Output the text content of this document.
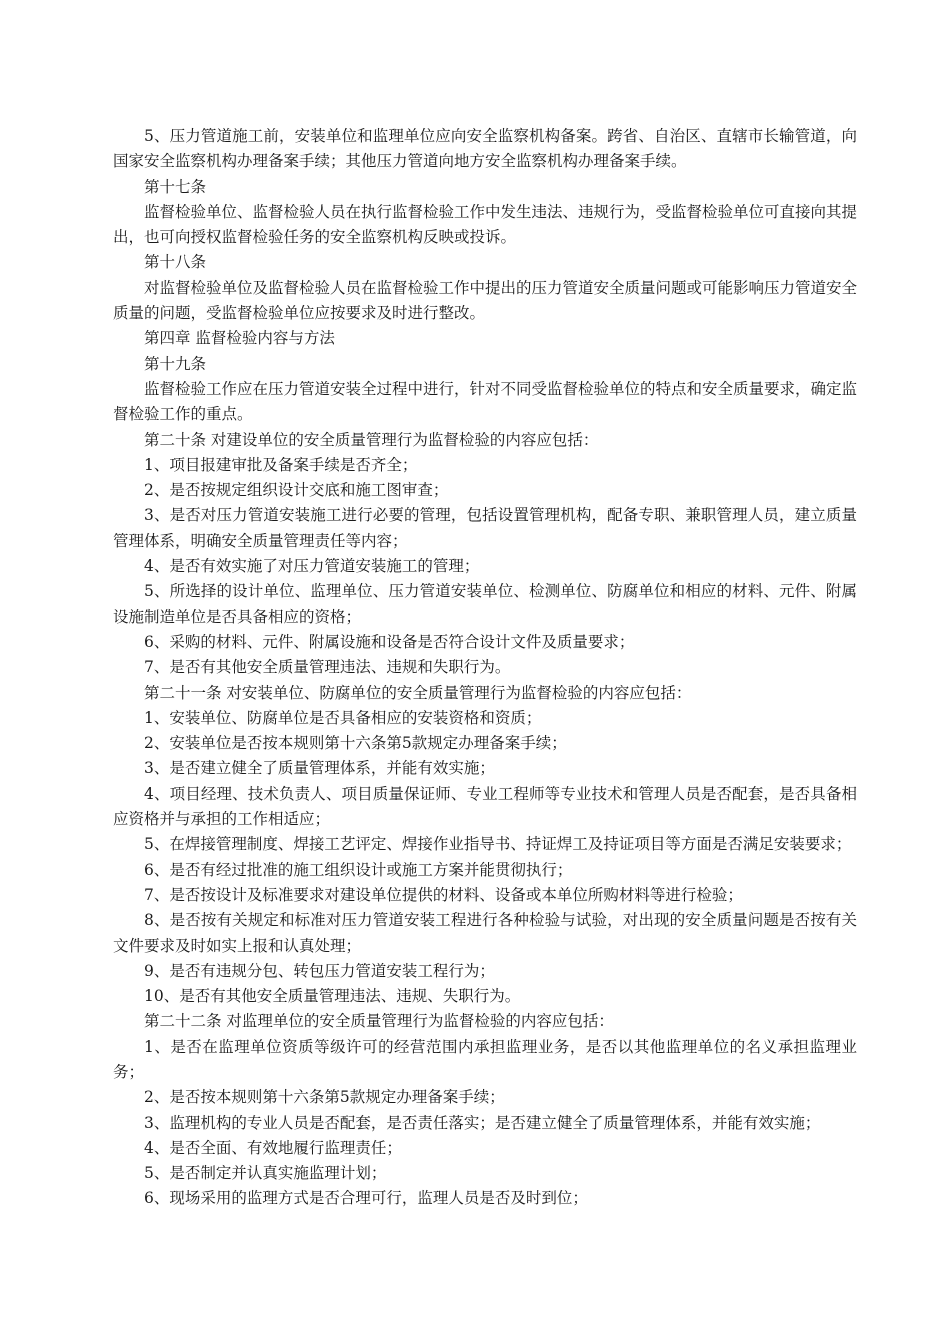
5、压力管道施工前，安装单位和监理单位应向安全监察机构备案。跨省、自治区、直辖市长输管道，向国家安全监察机构办理备案手续；其他压力管道向地方安全监察机构办理备案手续。

第十七条

监督检验单位、监督检验人员在执行监督检验工作中发生违法、违规行为，受监督检验单位可直接向其提出，也可向授权监督检验任务的安全监察机构反映或投诉。

第十八条

对监督检验单位及监督检验人员在监督检验工作中提出的压力管道安全质量问题或可能影响压力管道安全质量的问题，受监督检验单位应按要求及时进行整改。

第四章 监督检验内容与方法

第十九条

监督检验工作应在压力管道安装全过程中进行，针对不同受监督检验单位的特点和安全质量要求，确定监督检验工作的重点。

第二十条 对建设单位的安全质量管理行为监督检验的内容应包括：

1、项目报建审批及备案手续是否齐全；

2、是否按规定组织设计交底和施工图审查；

3、是否对压力管道安装施工进行必要的管理，包括设置管理机构，配备专职、兼职管理人员，建立质量管理体系，明确安全质量管理责任等内容；

4、是否有效实施了对压力管道安装施工的管理；

5、所选择的设计单位、监理单位、压力管道安装单位、检测单位、防腐单位和相应的材料、元件、附属设施制造单位是否具备相应的资格；

6、采购的材料、元件、附属设施和设备是否符合设计文件及质量要求；

7、是否有其他安全质量管理违法、违规和失职行为。

第二十一条 对安装单位、防腐单位的安全质量管理行为监督检验的内容应包括：

1、安装单位、防腐单位是否具备相应的安装资格和资质；

2、安装单位是否按本规则第十六条第5款规定办理备案手续；

3、是否建立健全了质量管理体系，并能有效实施；

4、项目经理、技术负责人、项目质量保证师、专业工程师等专业技术和管理人员是否配套，是否具备相应资格并与承担的工作相适应；

5、在焊接管理制度、焊接工艺评定、焊接作业指导书、持证焊工及持证项目等方面是否满足安装要求；

6、是否有经过批准的施工组织设计或施工方案并能贯彻执行；

7、是否按设计及标准要求对建设单位提供的材料、设备或本单位所购材料等进行检验；

8、是否按有关规定和标准对压力管道安装工程进行各种检验与试验，对出现的安全质量问题是否按有关文件要求及时如实上报和认真处理；

9、是否有违规分包、转包压力管道安装工程行为；

10、是否有其他安全质量管理违法、违规、失职行为。

第二十二条 对监理单位的安全质量管理行为监督检验的内容应包括：

1、是否在监理单位资质等级许可的经营范围内承担监理业务，是否以其他监理单位的名义承担监理业务；

2、是否按本规则第十六条第5款规定办理备案手续；

3、监理机构的专业人员是否配套，是否责任落实；是否建立健全了质量管理体系，并能有效实施；

4、是否全面、有效地履行监理责任；

5、是否制定并认真实施监理计划；

6、现场采用的监理方式是否合理可行，监理人员是否及时到位；
